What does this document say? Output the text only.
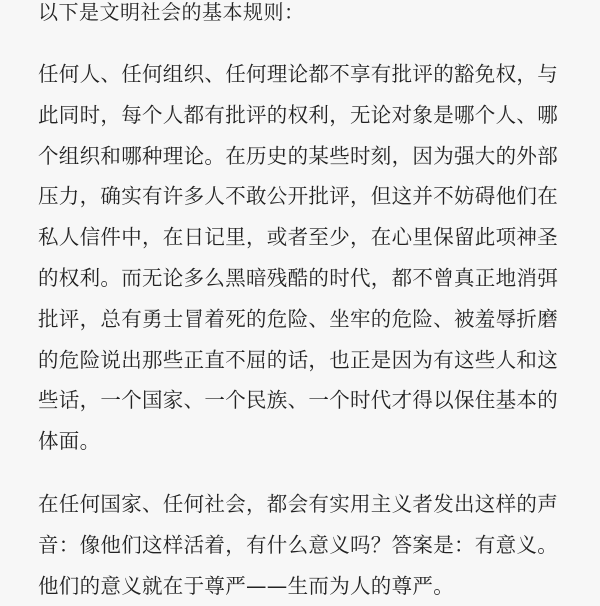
以下是文明社会的基本规则：

任何人、任何组织、任何理论都不享有批评的豁免权，与
此同时，每个人都有批评的权利，无论对象是哪个人、哪
个组织和哪种理论。在历史的某些时刻，因为强大的外部
压力，确实有许多人不敢公开批评，但这并不妨碍他们在
私人信件中，在日记里，或者至少，在心里保留此项神圣
的权利。而无论多么黑暗残酷的时代，都不曾真正地消弭
批评，总有勇士冒着死的危险、坐牢的危险、被羞辱折磨
的危险说出那些正直不屈的话，也正是因为有这些人和这
些话，一个国家、一个民族、一个时代才得以保住基本的
体面。

在任何国家、任何社会，都会有实用主义者发出这样的声
音：像他们这样活着，有什么意义吗？答案是：有意义。
他们的意义就在于尊严——生而为人的尊严。
